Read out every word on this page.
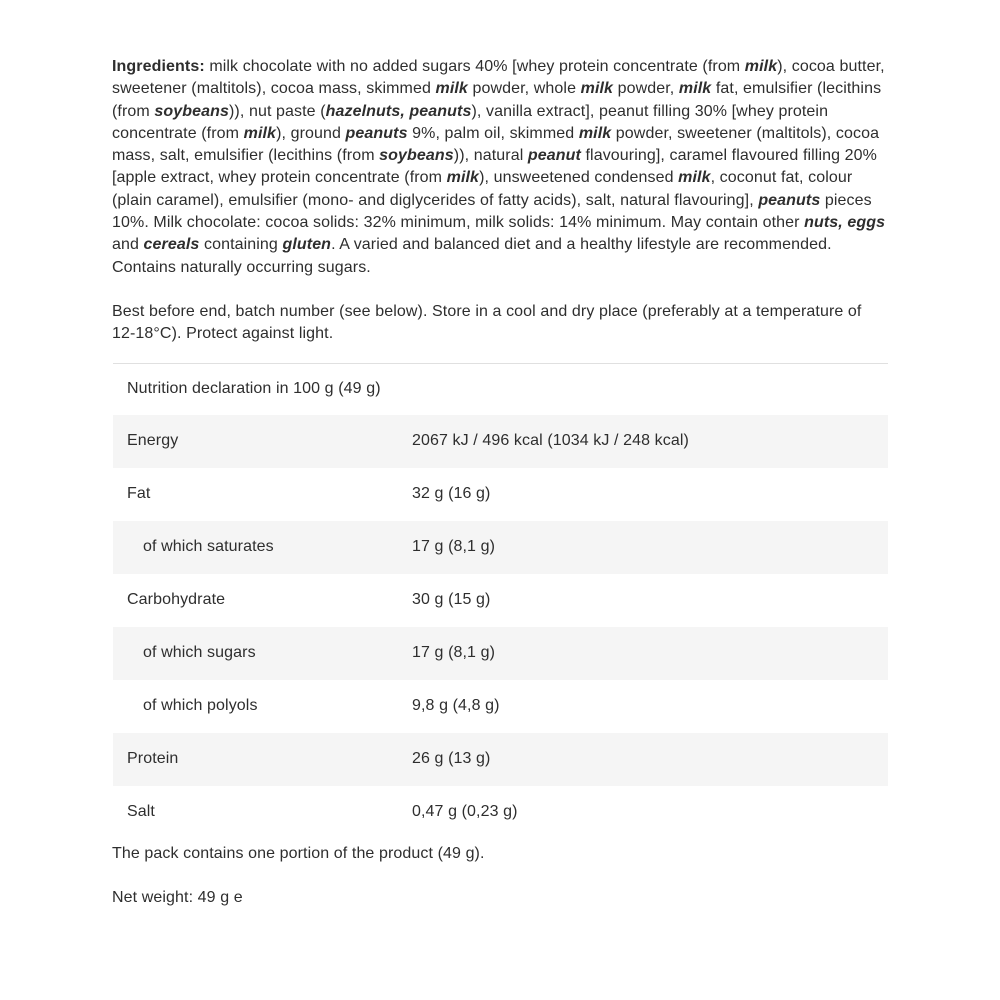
Ingredients: milk chocolate with no added sugars 40% [whey protein concentrate (from milk), cocoa butter, sweetener (maltitols), cocoa mass, skimmed milk powder, whole milk powder, milk fat, emulsifier (lecithins (from soybeans)), nut paste (hazelnuts, peanuts), vanilla extract], peanut filling 30% [whey protein concentrate (from milk), ground peanuts 9%, palm oil, skimmed milk powder, sweetener (maltitols), cocoa mass, salt, emulsifier (lecithins (from soybeans)), natural peanut flavouring], caramel flavoured filling 20% [apple extract, whey protein concentrate (from milk), unsweetened condensed milk, coconut fat, colour (plain caramel), emulsifier (mono- and diglycerides of fatty acids), salt, natural flavouring], peanuts pieces 10%. Milk chocolate: cocoa solids: 32% minimum, milk solids: 14% minimum. May contain other nuts, eggs and cereals containing gluten. A varied and balanced diet and a healthy lifestyle are recommended. Contains naturally occurring sugars.

Best before end, batch number (see below). Store in a cool and dry place (preferably at a temperature of 12-18°C). Protect against light.

Nutrition declaration in 100 g (49 g)
Energy	2067 kJ / 496 kcal (1034 kJ / 248 kcal)
Fat	32 g (16 g)
of which saturates	17 g (8,1 g)
Carbohydrate	30 g (15 g)
of which sugars	17 g (8,1 g)
of which polyols	9,8 g (4,8 g)
Protein	26 g (13 g)
Salt	0,47 g (0,23 g)

The pack contains one portion of the product (49 g).

Net weight: 49 g e
